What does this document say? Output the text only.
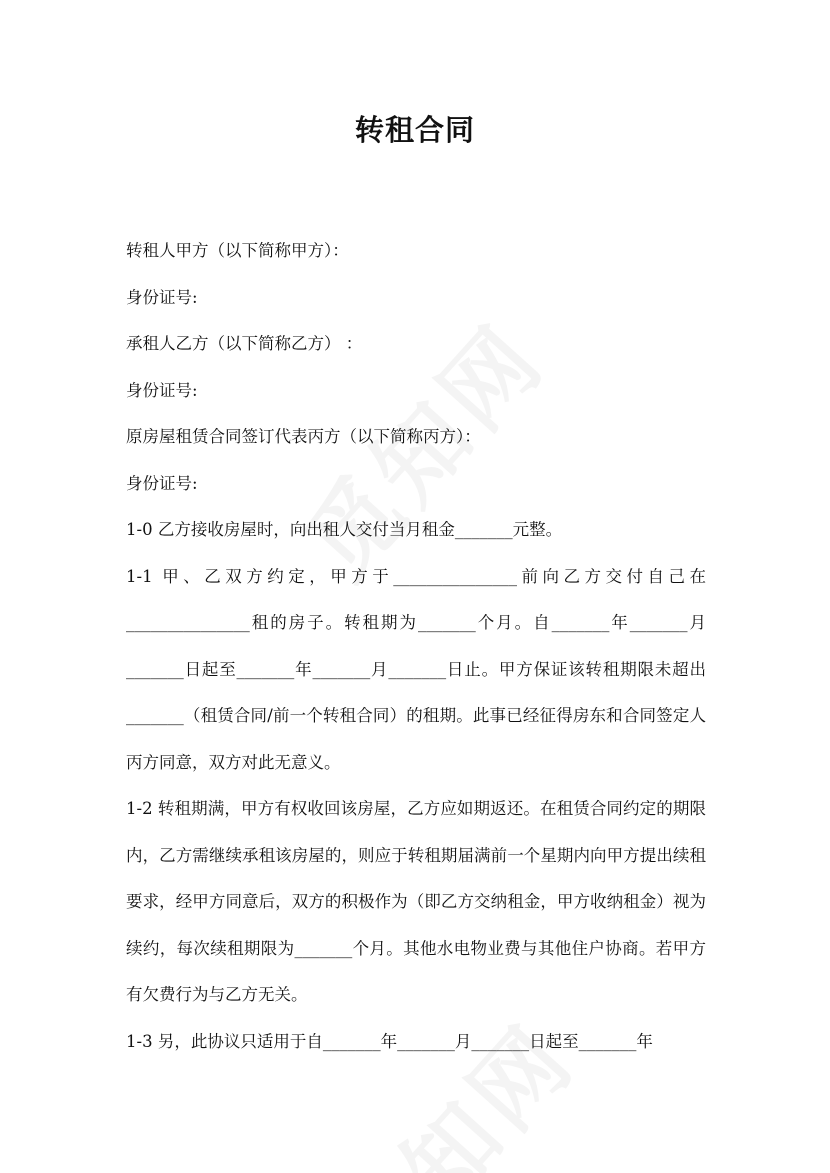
转租合同
转租人甲方（以下简称甲方）：
身份证号:
承租人乙方（以下简称乙方） ：
身份证号:
原房屋租赁合同签订代表丙方（以下简称丙方）：
身份证号:
1-0 乙方接收房屋时，向出租人交付当月租金_______元整。

1-1 甲、乙双方约定，甲方于_______________前向乙方交付自己在_______________租的房子。转租期为_______个月。自_______年_______月_______日起至_______年_______月_______日止。甲方保证该转租期限未超出_______（租赁合同/前一个转租合同）的租期。此事已经征得房东和合同签定人丙方同意，双方对此无意义。

1-2 转租期满，甲方有权收回该房屋，乙方应如期返还。在租赁合同约定的期限内，乙方需继续承租该房屋的，则应于转租期届满前一个星期内向甲方提出续租要求，经甲方同意后，双方的积极作为（即乙方交纳租金，甲方收纳租金）视为续约，每次续租期限为_______个月。其他水电物业费与其他住户协商。若甲方有欠费行为与乙方无关。

1-3 另，此协议只适用于自_______年_______月_______日起至_______年
